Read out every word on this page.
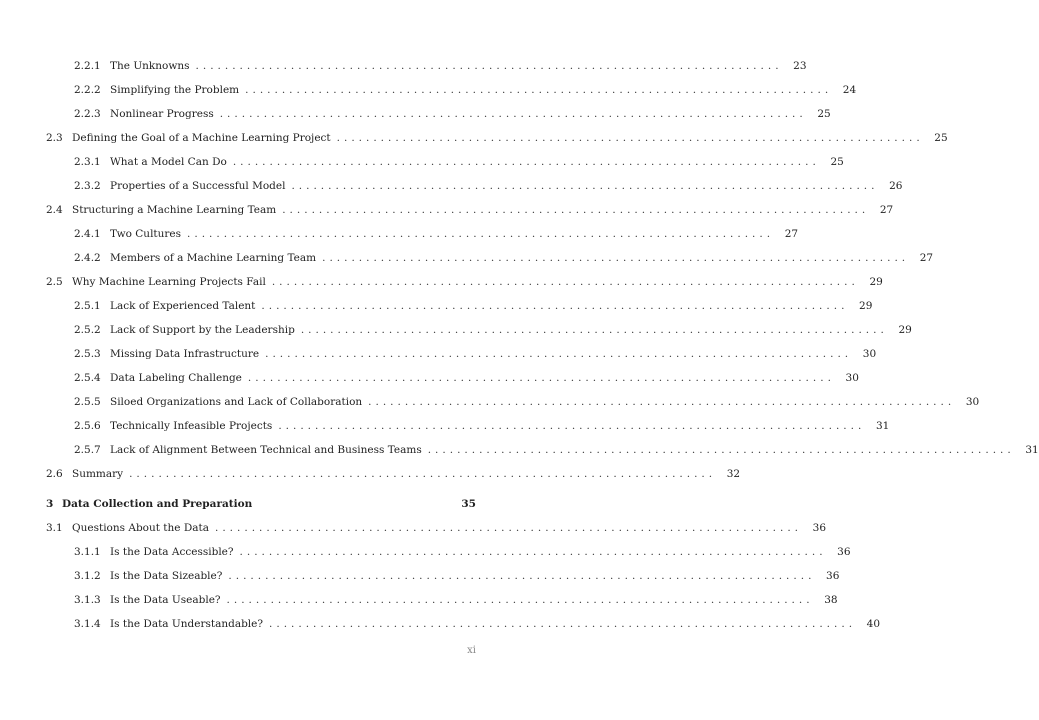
2.2.1 The Unknowns ................................................................................	23
2.2.2 Simplifying the Problem ................................................................................	24
2.2.3 Nonlinear Progress ................................................................................	25
2.3 Defining the Goal of a Machine Learning Project ................................................................................	25
2.3.1 What a Model Can Do ................................................................................	25
2.3.2 Properties of a Successful Model ................................................................................	26
2.4 Structuring a Machine Learning Team ................................................................................	27
2.4.1 Two Cultures ................................................................................	27
2.4.2 Members of a Machine Learning Team ................................................................................	27
2.5 Why Machine Learning Projects Fail ................................................................................	29
2.5.1 Lack of Experienced Talent ................................................................................	29
2.5.2 Lack of Support by the Leadership ................................................................................	29
2.5.3 Missing Data Infrastructure ................................................................................	30
2.5.4 Data Labeling Challenge ................................................................................	30
2.5.5 Siloed Organizations and Lack of Collaboration ................................................................................	30
2.5.6 Technically Infeasible Projects ................................................................................	31
2.5.7 Lack of Alignment Between Technical and Business Teams ................................................................................	31
2.6 Summary ................................................................................	32
3 Data Collection and Preparation	35
3.1 Questions About the Data ................................................................................	36
3.1.1 Is the Data Accessible? ................................................................................	36
3.1.2 Is the Data Sizeable? ................................................................................	36
3.1.3 Is the Data Useable? ................................................................................	38
3.1.4 Is the Data Understandable? ................................................................................	40
xi
